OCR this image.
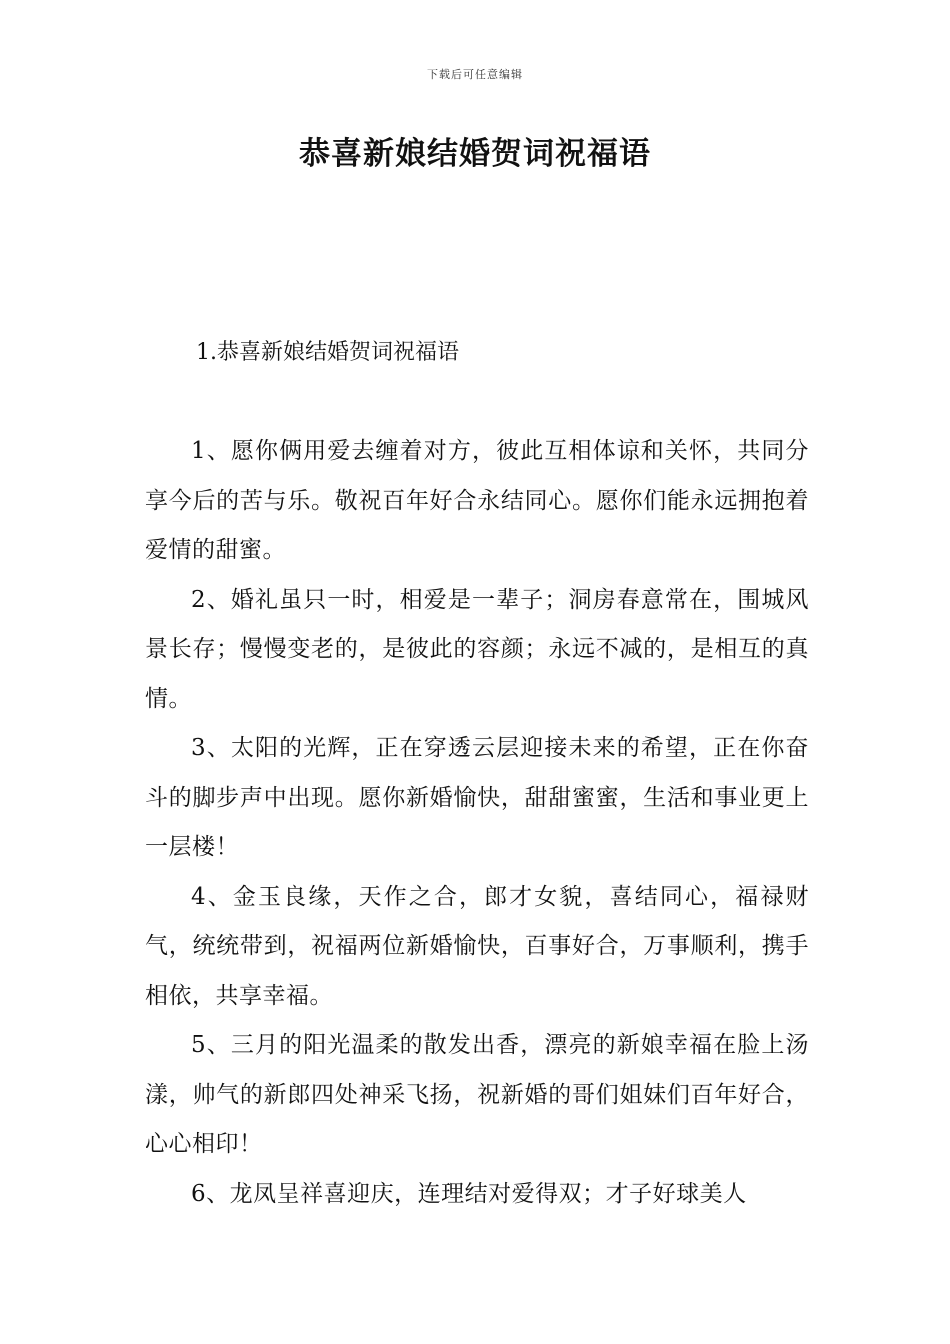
下载后可任意编辑
恭喜新娘结婚贺词祝福语
1.恭喜新娘结婚贺词祝福语

1、愿你俩用爱去缠着对方，彼此互相体谅和关怀，共同分享今后的苦与乐。敬祝百年好合永结同心。愿你们能永远拥抱着爱情的甜蜜。

2、婚礼虽只一时，相爱是一辈子；洞房春意常在，围城风景长存；慢慢变老的，是彼此的容颜；永远不减的，是相互的真情。

3、太阳的光辉，正在穿透云层迎接未来的希望，正在你奋斗的脚步声中出现。愿你新婚愉快，甜甜蜜蜜，生活和事业更上一层楼！

4、金玉良缘，天作之合，郎才女貌，喜结同心，福禄财气，统统带到，祝福两位新婚愉快，百事好合，万事顺利，携手相依，共享幸福。

5、三月的阳光温柔的散发出香，漂亮的新娘幸福在脸上汤漾，帅气的新郎四处神采飞扬，祝新婚的哥们姐妹们百年好合，心心相印！

6、龙凤呈祥喜迎庆，连理结对爱得双；才子好球美人
